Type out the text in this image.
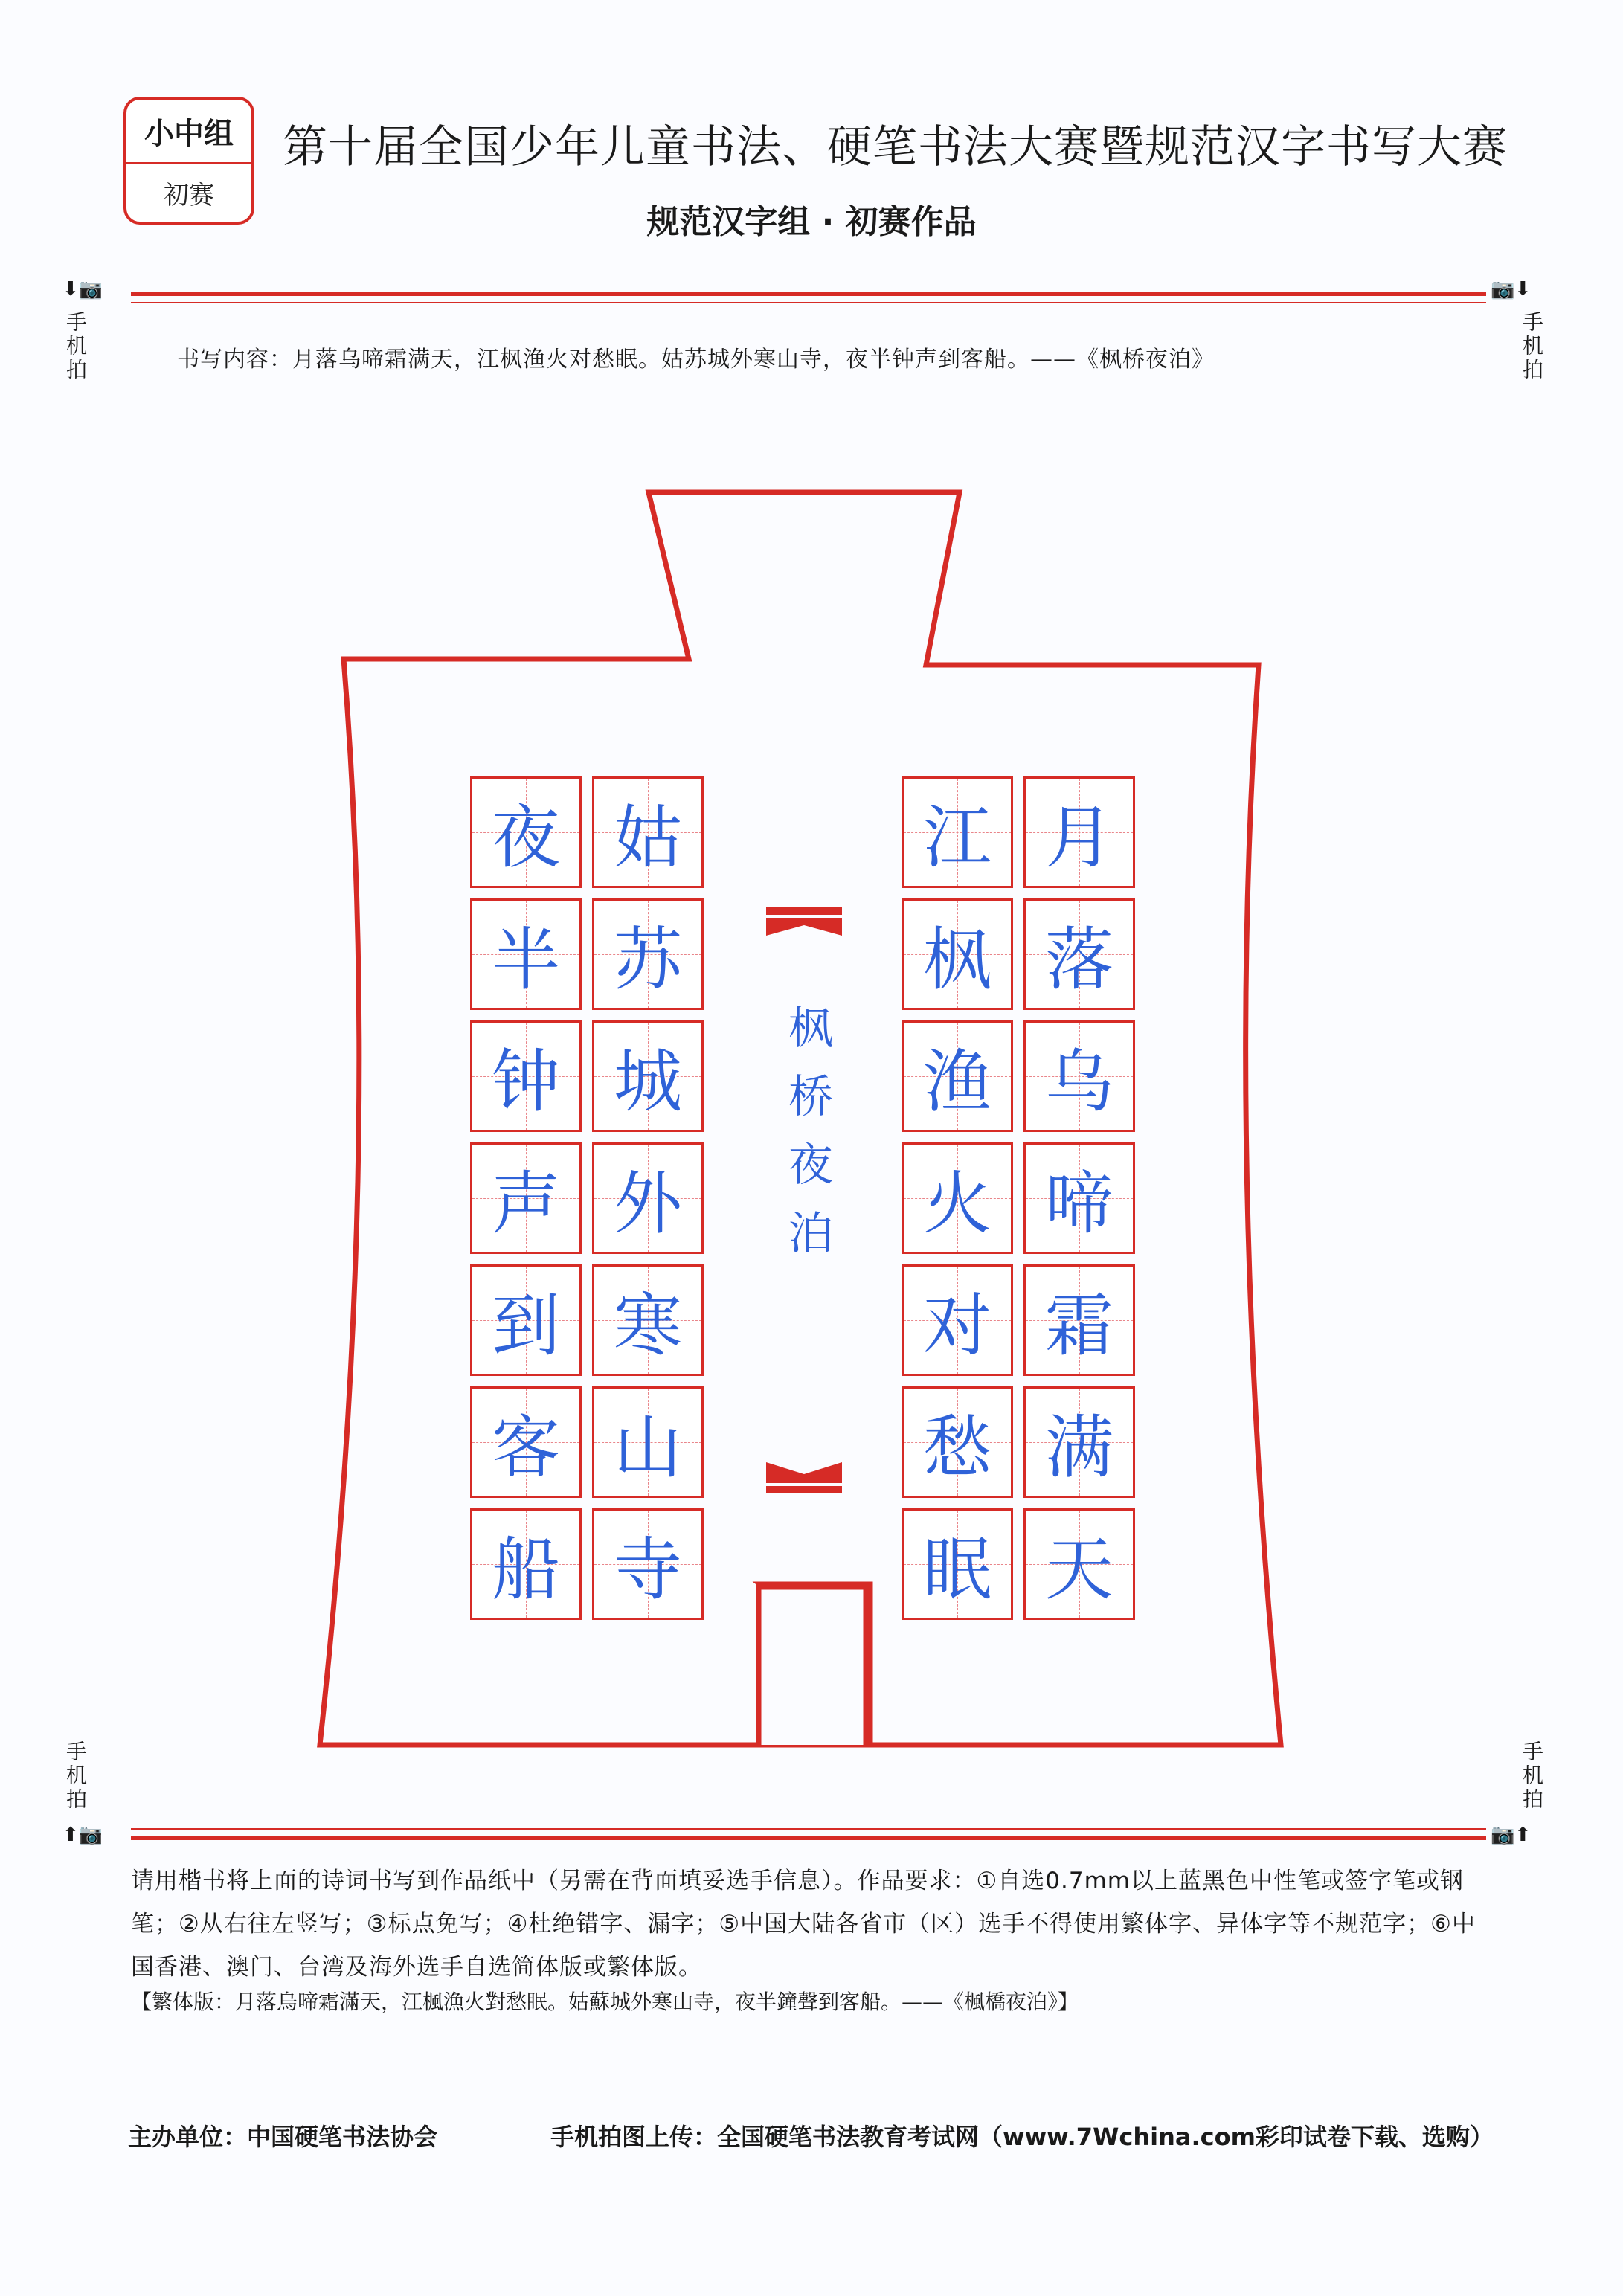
小中组
初赛
第十届全国少年儿童书法、硬笔书法大赛暨规范汉字书写大赛
规范汉字组 · 初赛作品
⬇📷
手机拍
📷⬇
手机拍
书写内容：月落乌啼霜满天，江枫渔火对愁眠。姑苏城外寒山寺，夜半钟声到客船。——《枫桥夜泊》
夜
半
钟
声
到
客
船
姑
苏
城
外
寒
山
寺
江
枫
渔
火
对
愁
眠
月
落
乌
啼
霜
满
天
枫桥夜泊
手机拍
⬆📷
手机拍
📷⬆
请用楷书将上面的诗词书写到作品纸中（另需在背面填妥选手信息）。作品要求：①自选0.7mm以上蓝黑色中性笔或签字笔或钢笔；②从右往左竖写；③标点免写；④杜绝错字、漏字；⑤中国大陆各省市（区）选手不得使用繁体字、异体字等不规范字；⑥中国香港、澳门、台湾及海外选手自选简体版或繁体版。
【繁体版：月落烏啼霜滿天，江楓漁火對愁眠。姑蘇城外寒山寺，夜半鐘聲到客船。——《楓橋夜泊》】
主办单位：中国硬笔书法协会	手机拍图上传：全国硬笔书法教育考试网（www.7Wchina.com彩印试卷下载、选购）
